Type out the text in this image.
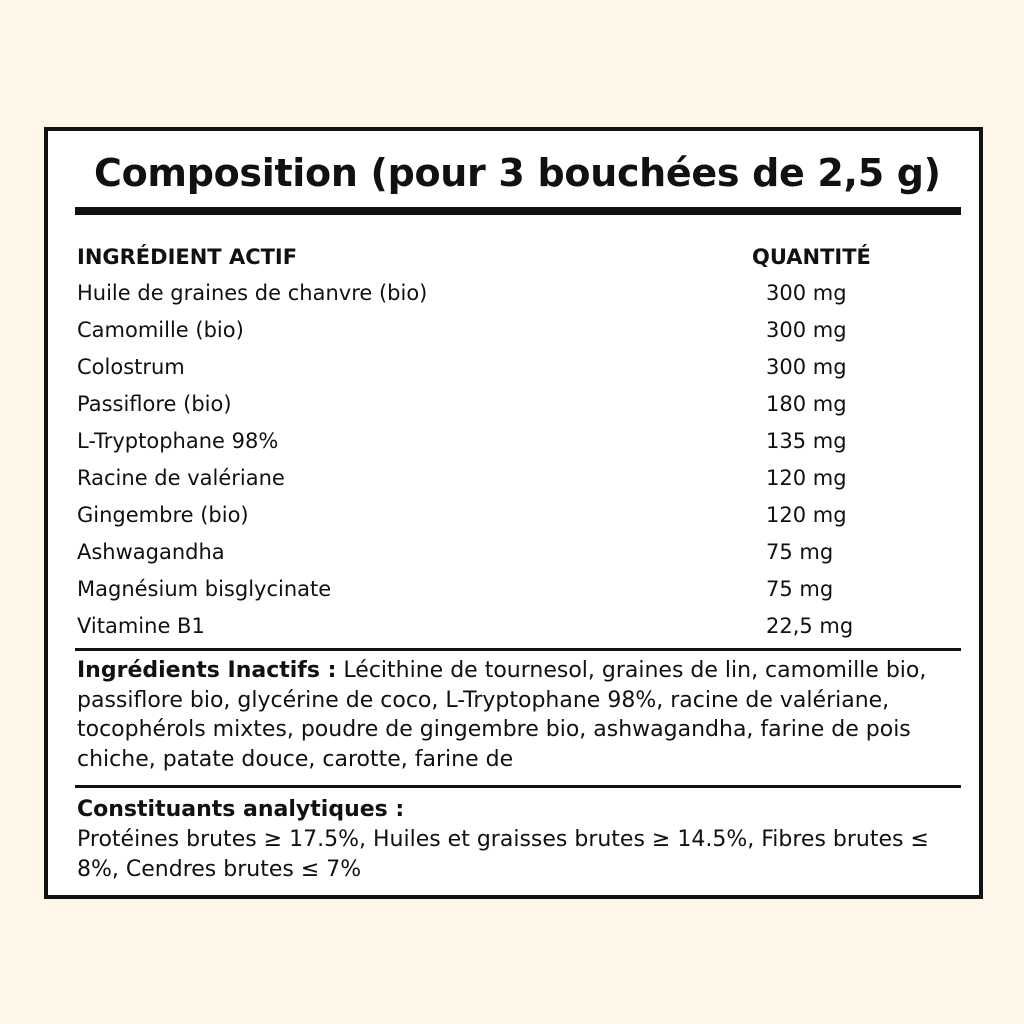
Composition (pour 3 bouchées de 2,5 g)
INGRÉDIENT ACTIF	QUANTITÉ
Huile de graines de chanvre (bio)	300 mg
Camomille (bio)	300 mg
Colostrum	300 mg
Passiflore (bio)	180 mg
L-Tryptophane 98%	135 mg
Racine de valériane	120 mg
Gingembre (bio)	120 mg
Ashwagandha	75 mg
Magnésium bisglycinate	75 mg
Vitamine B1	22,5 mg

Ingrédients Inactifs : Lécithine de tournesol, graines de lin, camomille bio, passiflore bio, glycérine de coco, L-Tryptophane 98%, racine de valériane, tocophérols mixtes, poudre de gingembre bio, ashwagandha, farine de pois chiche, patate douce, carotte, farine de

Constituants analytiques :
Protéines brutes ≥ 17.5%, Huiles et graisses brutes ≥ 14.5%, Fibres brutes ≤ 8%, Cendres brutes ≤ 7%
